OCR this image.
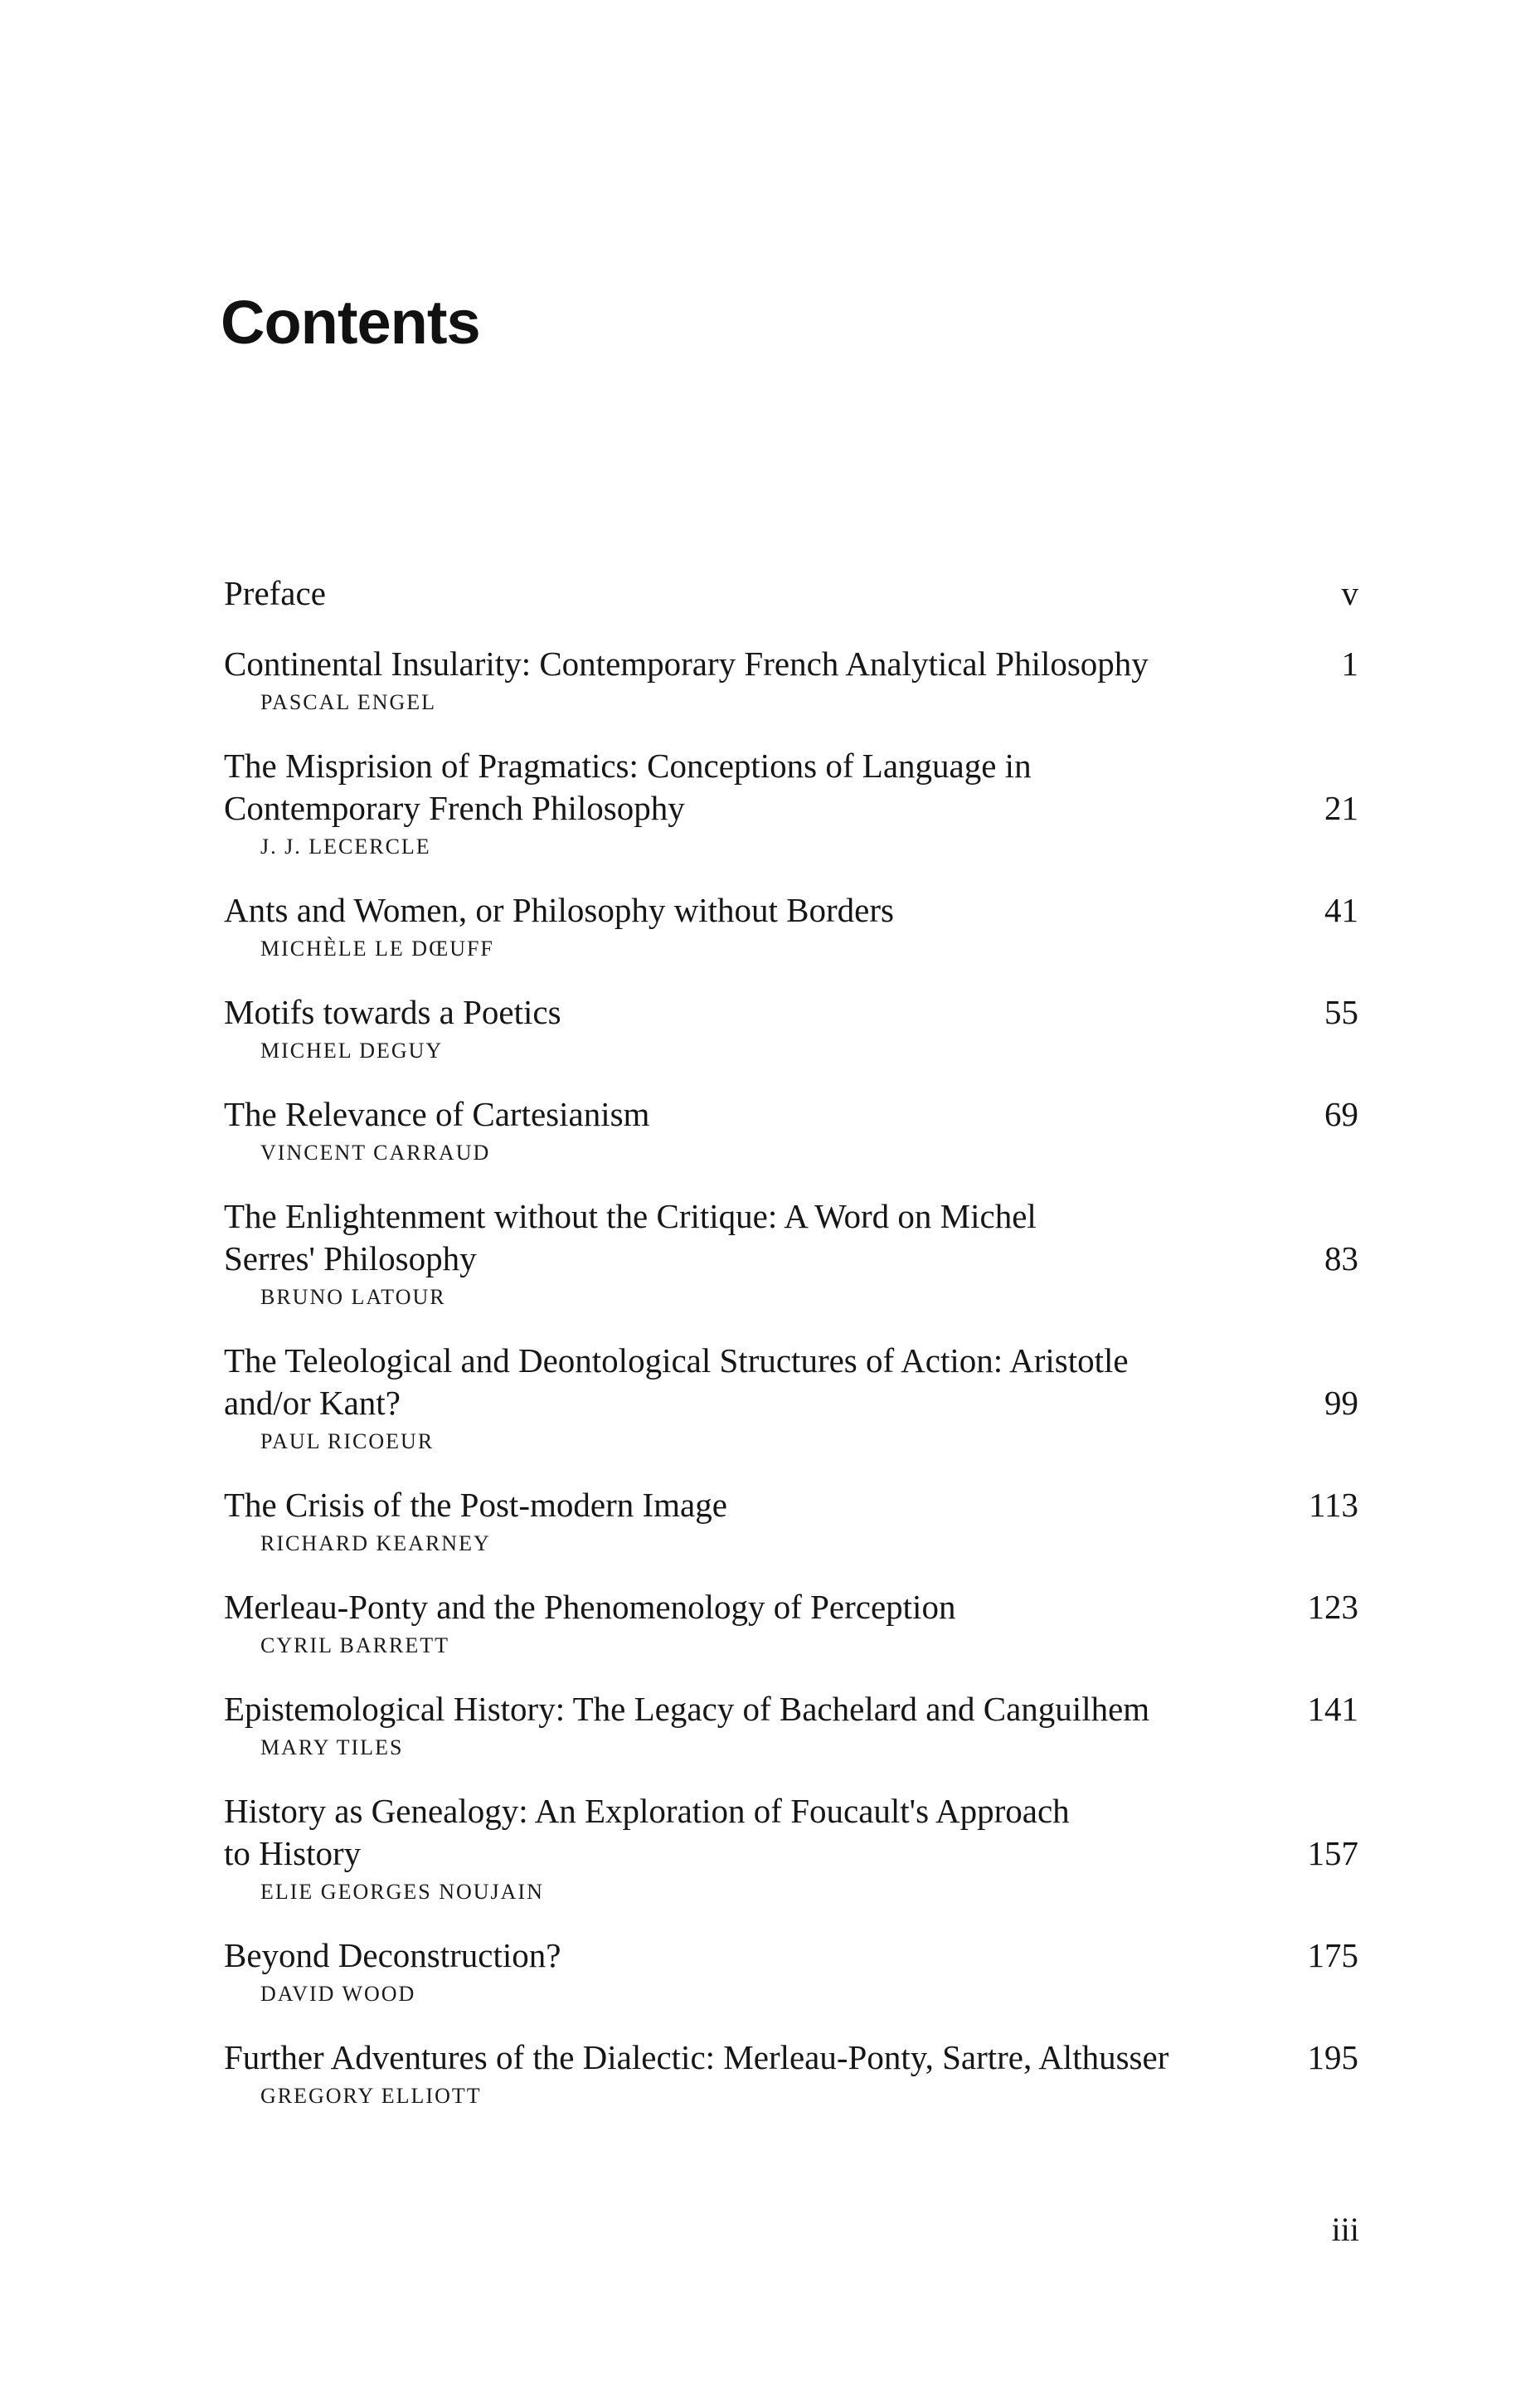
Contents
Preface	v
Continental Insularity: Contemporary French Analytical Philosophy
PASCAL ENGEL
1
The Misprision of Pragmatics: Conceptions of Language in
Contemporary French Philosophy
J. J. LECERCLE
21
Ants and Women, or Philosophy without Borders
MICHÈLE LE DŒUFF
41
Motifs towards a Poetics
MICHEL DEGUY
55
The Relevance of Cartesianism
VINCENT CARRAUD
69
The Enlightenment without the Critique: A Word on Michel
Serres' Philosophy
BRUNO LATOUR
83
The Teleological and Deontological Structures of Action: Aristotle
and/or Kant?
PAUL RICOEUR
99
The Crisis of the Post-modern Image
RICHARD KEARNEY
113
Merleau-Ponty and the Phenomenology of Perception
CYRIL BARRETT
123
Epistemological History: The Legacy of Bachelard and Canguilhem
MARY TILES
141
History as Genealogy: An Exploration of Foucault's Approach
to History
ELIE GEORGES NOUJAIN
157
Beyond Deconstruction?
DAVID WOOD
175
Further Adventures of the Dialectic: Merleau-Ponty, Sartre, Althusser
GREGORY ELLIOTT
195
iii
